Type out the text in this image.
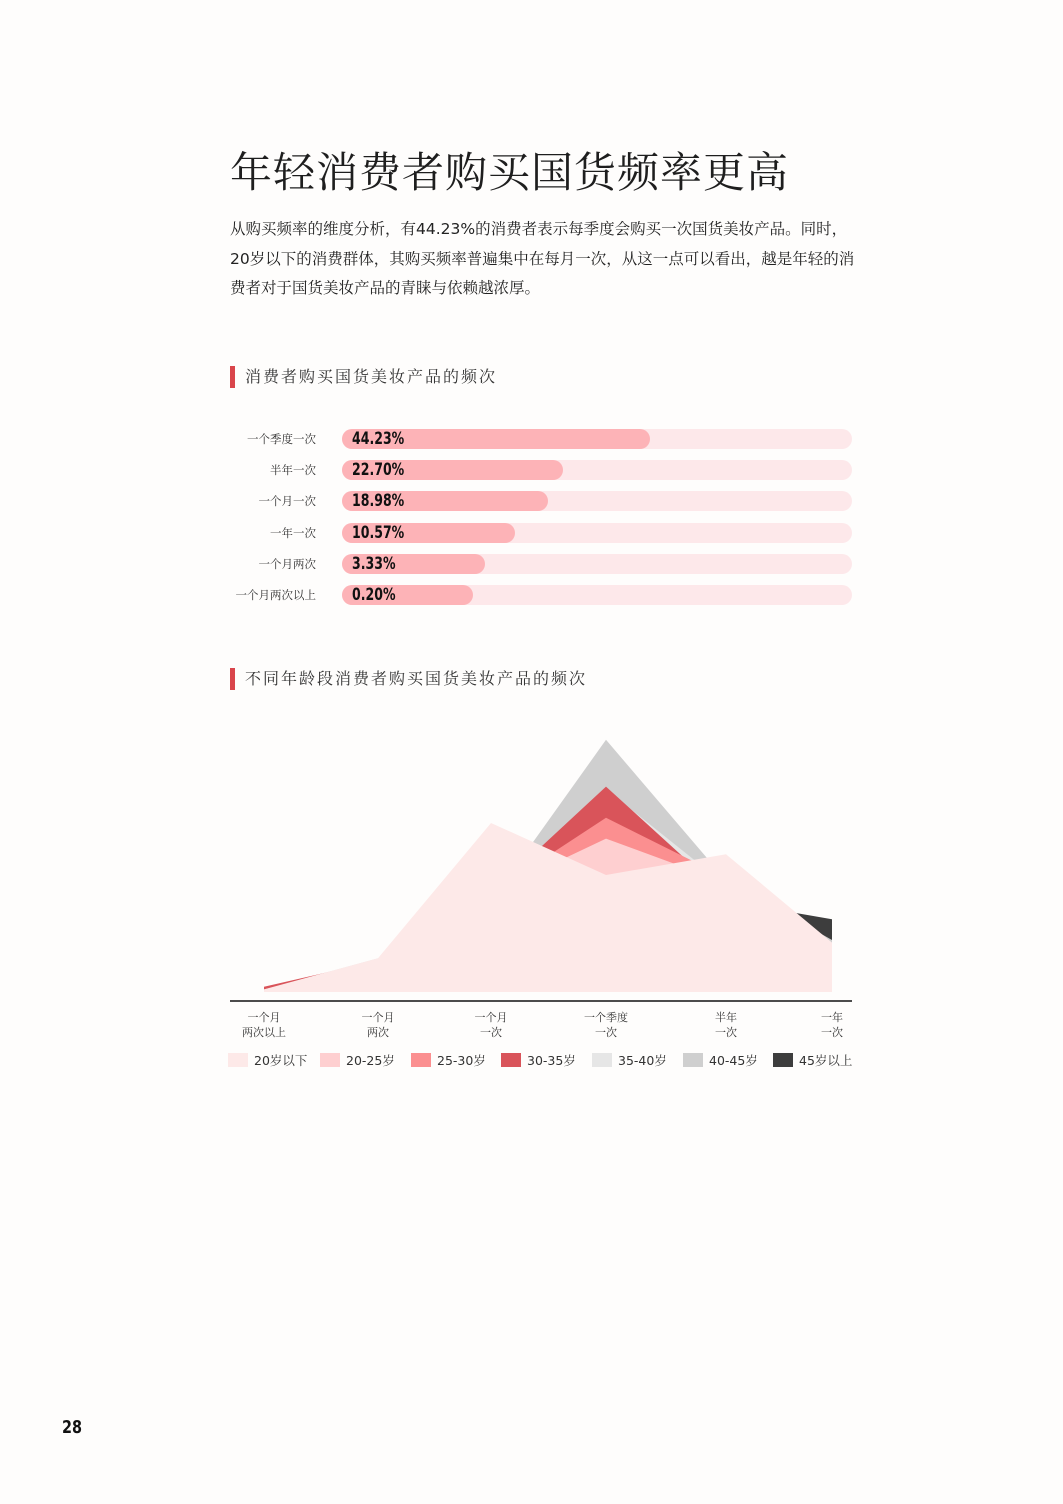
年轻消费者购买国货频率更高

从购买频率的维度分析，有44.23%的消费者表示每季度会购买一次国货美妆产品。同时，20岁以下的消费群体，其购买频率普遍集中在每月一次，从这一点可以看出，越是年轻的消费者对于国货美妆产品的青睐与依赖越浓厚。

消费者购买国货美妆产品的频次
一个季度一次 44.23%
半年一次 22.70%
一个月一次 18.98%
一年一次 10.57%
一个月两次 3.33%
一个月两次以上 0.20%
不同年龄段消费者购买国货美妆产品的频次
一个月
两次以上
一个月
两次
一个月
一次
一个季度
一次
半年
一次
一年
一次
20岁以下	20-25岁	25-30岁	30-35岁	35-40岁	40-45岁	45岁以上
28
